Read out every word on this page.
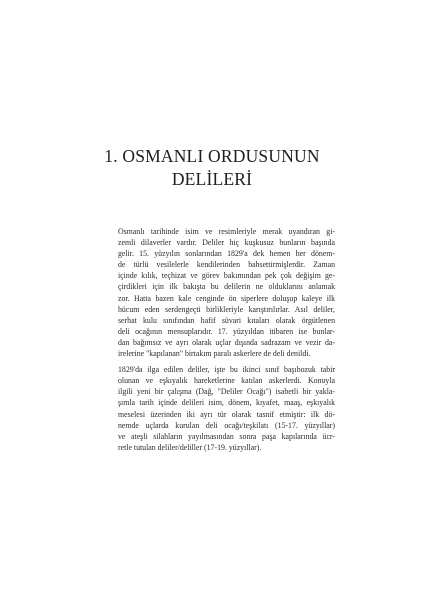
1. OSMANLI ORDUSUNUN
DELİLERİ

Osmanlı tarihinde isim ve resimleriyle merak uyandıran gi-
zemli dilaverler vardır. Deliler hiç kuşkusuz bunların başında
gelir. 15. yüzyılın sonlarından 1829'a dek hemen her dönem-
de türlü vesilelerle kendilerinden bahsettirmişlerdir. Zaman
içinde kılık, teçhizat ve görev bakımından pek çok değişim ge-
çirdikleri için ilk bakışta bu delilerin ne olduklarını anlamak
zor. Hatta bazen kale cenginde ön siperlere doluşup kaleye ilk
hücum eden serdengeçti birlikleriyle karıştırılırlar. Asıl deliler,
serhat kulu sınıfından hafif süvari kıtaları olarak örgütlenen
deli ocağının mensuplarıdır. 17. yüzyıldan itibaren ise bunlar-
dan bağımsız ve ayrı olarak uçlar dışında sadrazam ve vezir da-
irelerine "kapılanan" birtakım paralı askerlere de deli denildi.

1829'da ilga edilen deliler, işte bu ikinci sınıf başıbozuk tabir
olunan ve eşkıyalık hareketlerine katılan askerlerdi. Konuyla
ilgili yeni bir çalışma (Dağ, "Deliler Ocağı") isabetli bir yakla-
şımla tarih içinde delileri isim, dönem, kıyafet, maaş, eşkıyalık
meselesi üzerinden iki ayrı tür olarak tasnif etmiştir: ilk dö-
nemde uçlarda kurulan deli ocağı/teşkilatı (15-17. yüzyıllar)
ve ateşli silahların yayılmasından sonra paşa kapılarında ücr-
retle tutulan deliler/deliller (17-19. yüzyıllar).
